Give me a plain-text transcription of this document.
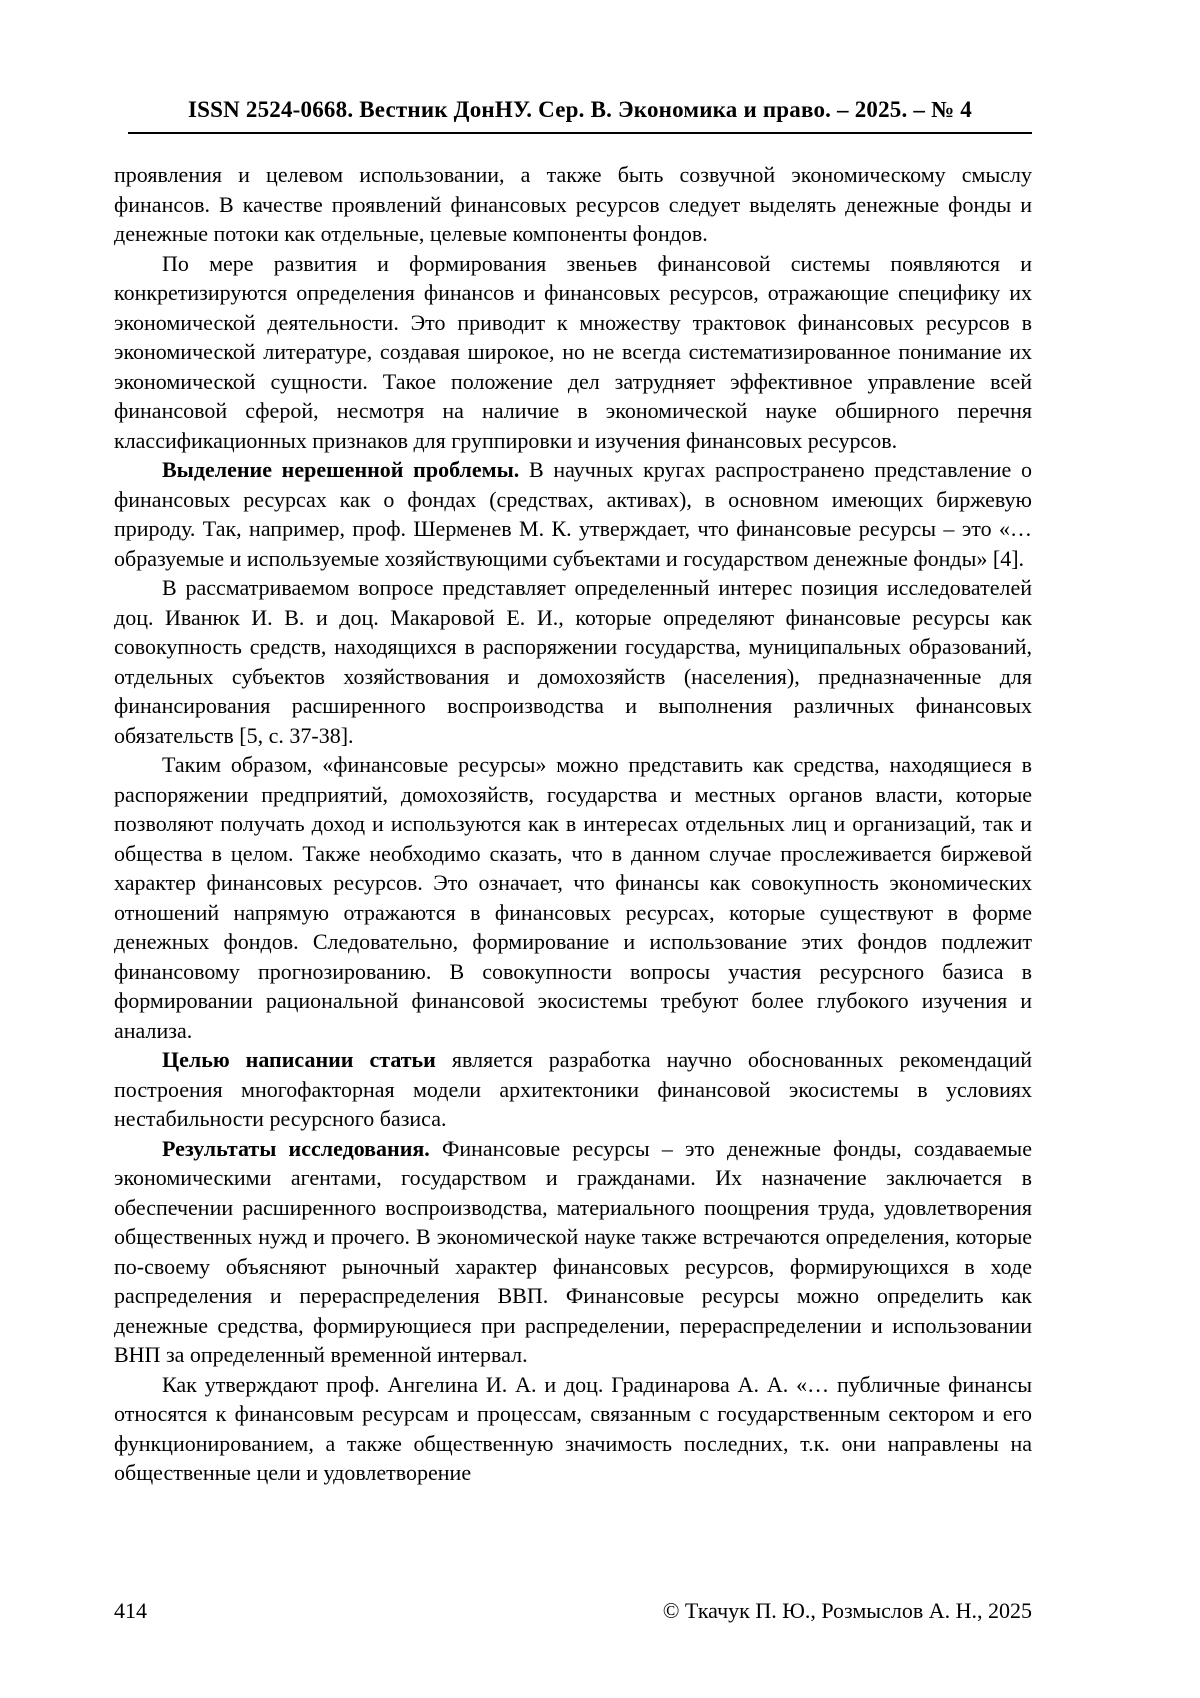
ISSN 2524-0668. Вестник ДонНУ. Сер. В. Экономика и право. – 2025. – № 4

проявления и целевом использовании, а также быть созвучной экономическому смыслу финансов. В качестве проявлений финансовых ресурсов следует выделять денежные фонды и денежные потоки как отдельные, целевые компоненты фондов.

По мере развития и формирования звеньев финансовой системы появляются и конкретизируются определения финансов и финансовых ресурсов, отражающие специфику их экономической деятельности. Это приводит к множеству трактовок финансовых ресурсов в экономической литературе, создавая широкое, но не всегда систематизированное понимание их экономической сущности. Такое положение дел затрудняет эффективное управление всей финансовой сферой, несмотря на наличие в экономической науке обширного перечня классификационных признаков для группировки и изучения финансовых ресурсов.

Выделение нерешенной проблемы. В научных кругах распространено представление о финансовых ресурсах как о фондах (средствах, активах), в основном имеющих биржевую природу. Так, например, проф. Шерменев М. К. утверждает, что финансовые ресурсы – это «…образуемые и используемые хозяйствующими субъектами и государством денежные фонды» [4].

В рассматриваемом вопросе представляет определенный интерес позиция исследователей доц. Иванюк И. В. и доц. Макаровой Е. И., которые определяют финансовые ресурсы как совокупность средств, находящихся в распоряжении государства, муниципальных образований, отдельных субъектов хозяйствования и домохозяйств (населения), предназначенные для финансирования расширенного воспроизводства и выполнения различных финансовых обязательств [5, с. 37-38].

Таким образом, «финансовые ресурсы» можно представить как средства, находящиеся в распоряжении предприятий, домохозяйств, государства и местных органов власти, которые позволяют получать доход и используются как в интересах отдельных лиц и организаций, так и общества в целом. Также необходимо сказать, что в данном случае прослеживается биржевой характер финансовых ресурсов. Это означает, что финансы как совокупность экономических отношений напрямую отражаются в финансовых ресурсах, которые существуют в форме денежных фондов. Следовательно, формирование и использование этих фондов подлежит финансовому прогнозированию. В совокупности вопросы участия ресурсного базиса в формировании рациональной финансовой экосистемы требуют более глубокого изучения и анализа.

Целью написании статьи является разработка научно обоснованных рекомендаций построения многофакторная модели архитектоники финансовой экосистемы в условиях нестабильности ресурсного базиса.

Результаты исследования. Финансовые ресурсы – это денежные фонды, создаваемые экономическими агентами, государством и гражданами. Их назначение заключается в обеспечении расширенного воспроизводства, материального поощрения труда, удовлетворения общественных нужд и прочего. В экономической науке также встречаются определения, которые по-своему объясняют рыночный характер финансовых ресурсов, формирующихся в ходе распределения и перераспределения ВВП. Финансовые ресурсы можно определить как денежные средства, формирующиеся при распределении, перераспределении и использовании ВНП за определенный временной интервал.

Как утверждают проф. Ангелина И. А. и доц. Градинарова А. А. «… публичные финансы относятся к финансовым ресурсам и процессам, связанным с государственным сектором и его функционированием, а также общественную значимость последних, т.к. они направлены на общественные цели и удовлетворение

414	© Ткачук П. Ю., Розмыслов А. Н., 2025
